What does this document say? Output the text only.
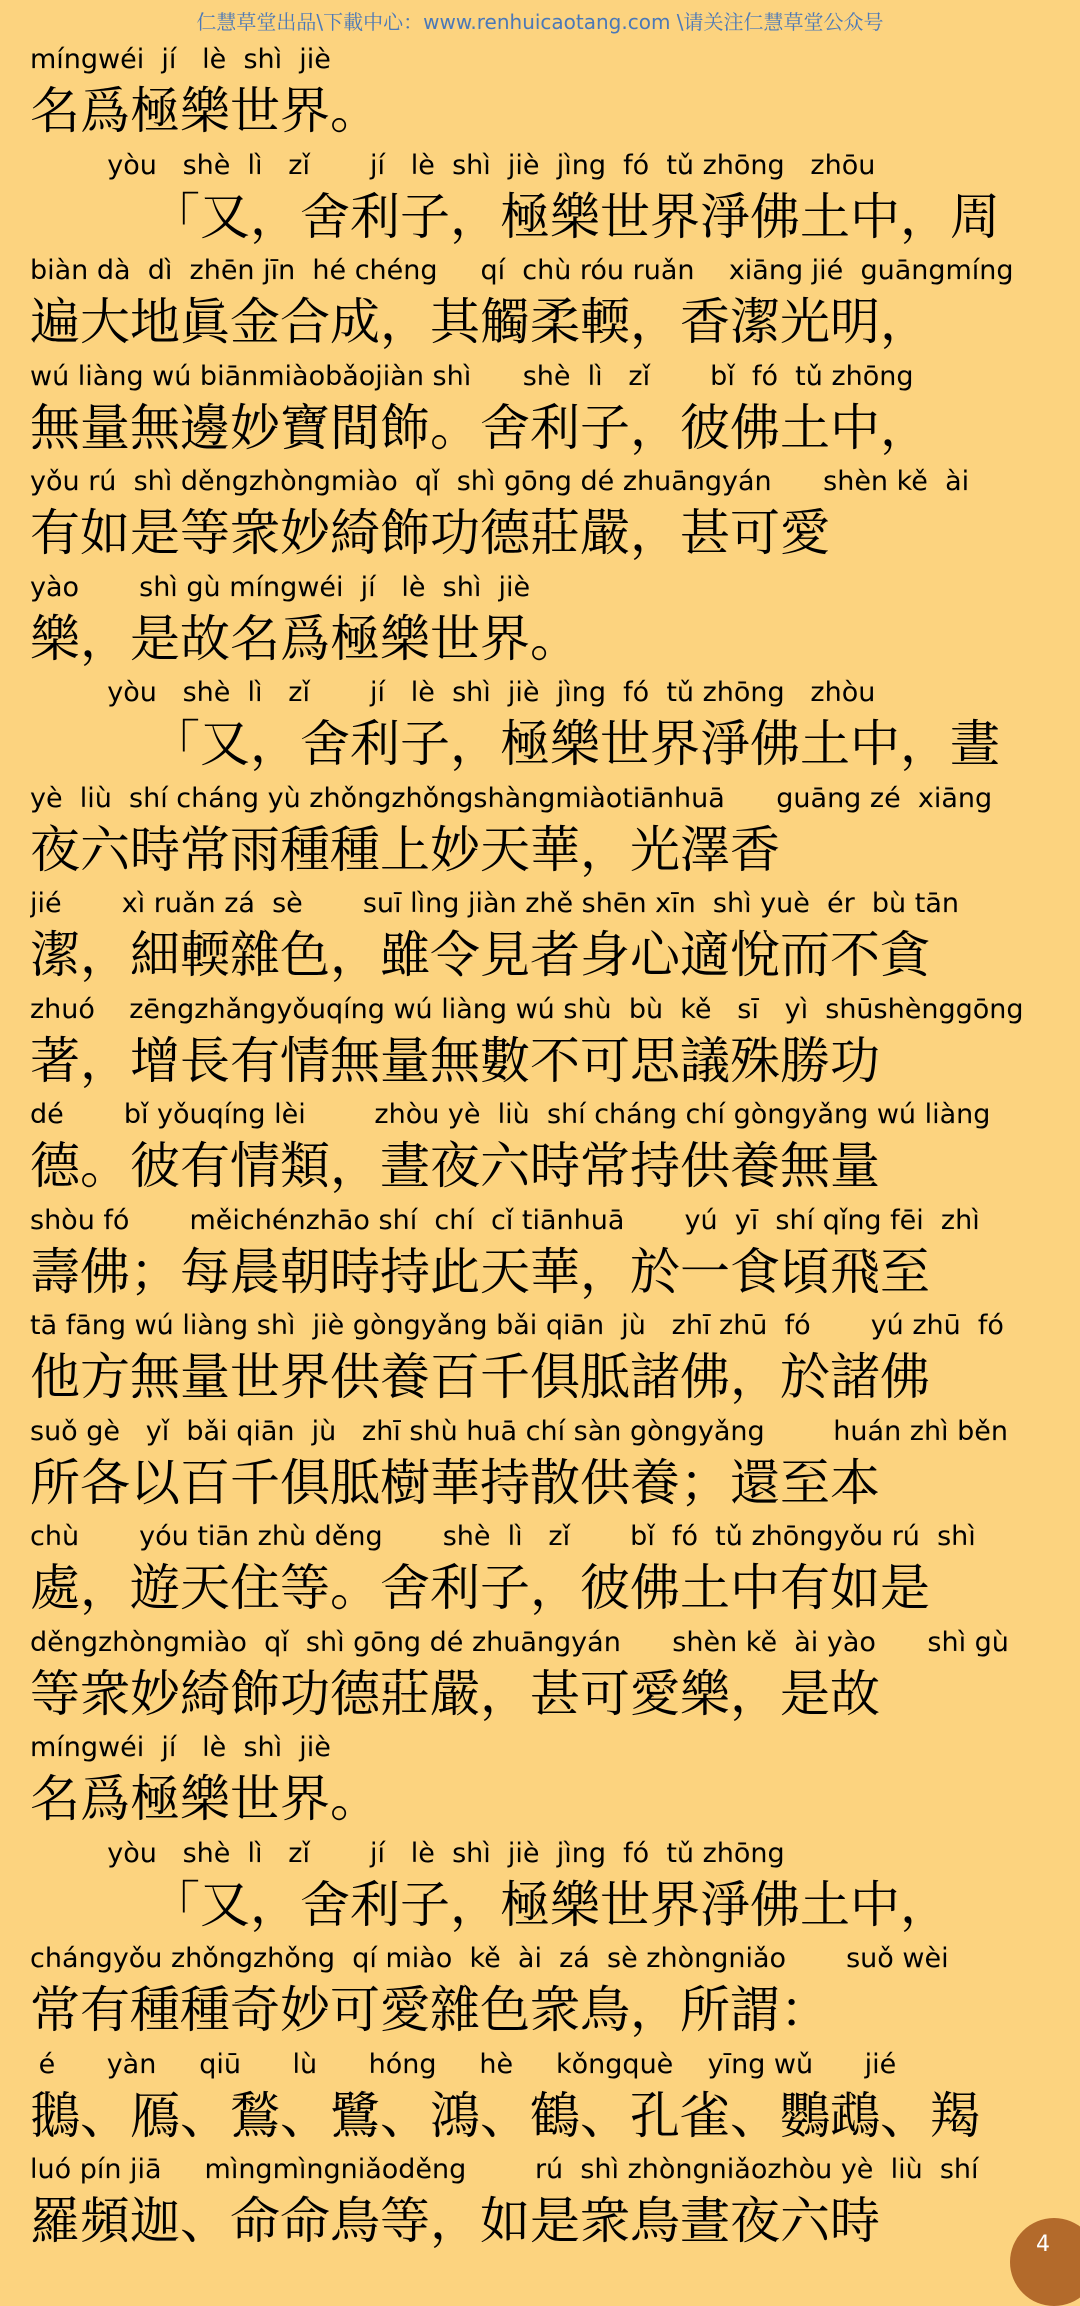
仁慧草堂出品\下載中心：www.renhuicaotang.com \请关注仁慧草堂公众号
míngwéi  jí   lè  shì  jiè
名爲極樂世界。
yòu   shè  lì   zǐ       jí   lè  shì  jiè  jìng  fó  tǔ zhōng   zhōu
「又，舍利子，極樂世界淨佛土中，周
biàn dà  dì  zhēn jīn  hé chéng     qí  chù róu ruǎn    xiāng jié  guāngmíng
遍大地眞金合成，其觸柔輭，香潔光明，
wú liàng wú biānmiàobǎojiàn shì      shè  lì   zǐ       bǐ  fó  tǔ zhōng
無量無邊妙寶間飾。舍利子，彼佛土中，
yǒu rú  shì děngzhòngmiào  qǐ  shì gōng dé zhuāngyán      shèn kě  ài
有如是等衆妙綺飾功德莊嚴，甚可愛
yào       shì gù míngwéi  jí   lè  shì  jiè
樂，是故名爲極樂世界。
yòu   shè  lì   zǐ       jí   lè  shì  jiè  jìng  fó  tǔ zhōng   zhòu
「又，舍利子，極樂世界淨佛土中，晝
yè  liù  shí cháng yù zhǒngzhǒngshàngmiàotiānhuā      guāng zé  xiāng
夜六時常雨種種上妙天華，光澤香
jié       xì ruǎn zá  sè       suī lìng jiàn zhě shēn xīn  shì yuè  ér  bù tān
潔，細輭雜色，雖令見者身心適悅而不貪
zhuó    zēngzhǎngyǒuqíng wú liàng wú shù  bù  kě   sī   yì  shūshènggōng
著，增長有情無量無數不可思議殊勝功
dé       bǐ yǒuqíng lèi        zhòu yè  liù  shí cháng chí gòngyǎng wú liàng
德。彼有情類，晝夜六時常持供養無量
shòu fó       měichénzhāo shí  chí  cǐ tiānhuā       yú  yī  shí qǐng fēi  zhì
壽佛；每晨朝時持此天華，於一食頃飛至
tā fāng wú liàng shì  jiè gòngyǎng bǎi qiān  jù   zhī zhū  fó       yú zhū  fó
他方無量世界供養百千俱胝諸佛，於諸佛
suǒ gè   yǐ  bǎi qiān  jù   zhī shù huā chí sàn gòngyǎng        huán zhì běn
所各以百千俱胝樹華持散供養；還至本
chù       yóu tiān zhù děng       shè  lì   zǐ       bǐ  fó  tǔ zhōngyǒu rú  shì
處，遊天住等。舍利子，彼佛土中有如是
děngzhòngmiào  qǐ  shì gōng dé zhuāngyán      shèn kě  ài yào      shì gù
等衆妙綺飾功德莊嚴，甚可愛樂，是故
míngwéi  jí   lè  shì  jiè
名爲極樂世界。
yòu   shè  lì   zǐ       jí   lè  shì  jiè  jìng  fó  tǔ zhōng
「又，舍利子，極樂世界淨佛土中，
chángyǒu zhǒngzhǒng  qí miào  kě  ài  zá  sè zhòngniǎo       suǒ wèi
常有種種奇妙可愛雜色衆鳥，所謂：
é      yàn     qiū      lù      hóng     hè     kǒngquè    yīng wǔ      jié
鵝、鴈、鶖、鷺、鴻、鶴、孔雀、鸚鵡、羯
luó pín jiā     mìngmìngniǎoděng        rú  shì zhòngniǎozhòu yè  liù  shí
羅頻迦、命命鳥等，如是衆鳥晝夜六時	4
